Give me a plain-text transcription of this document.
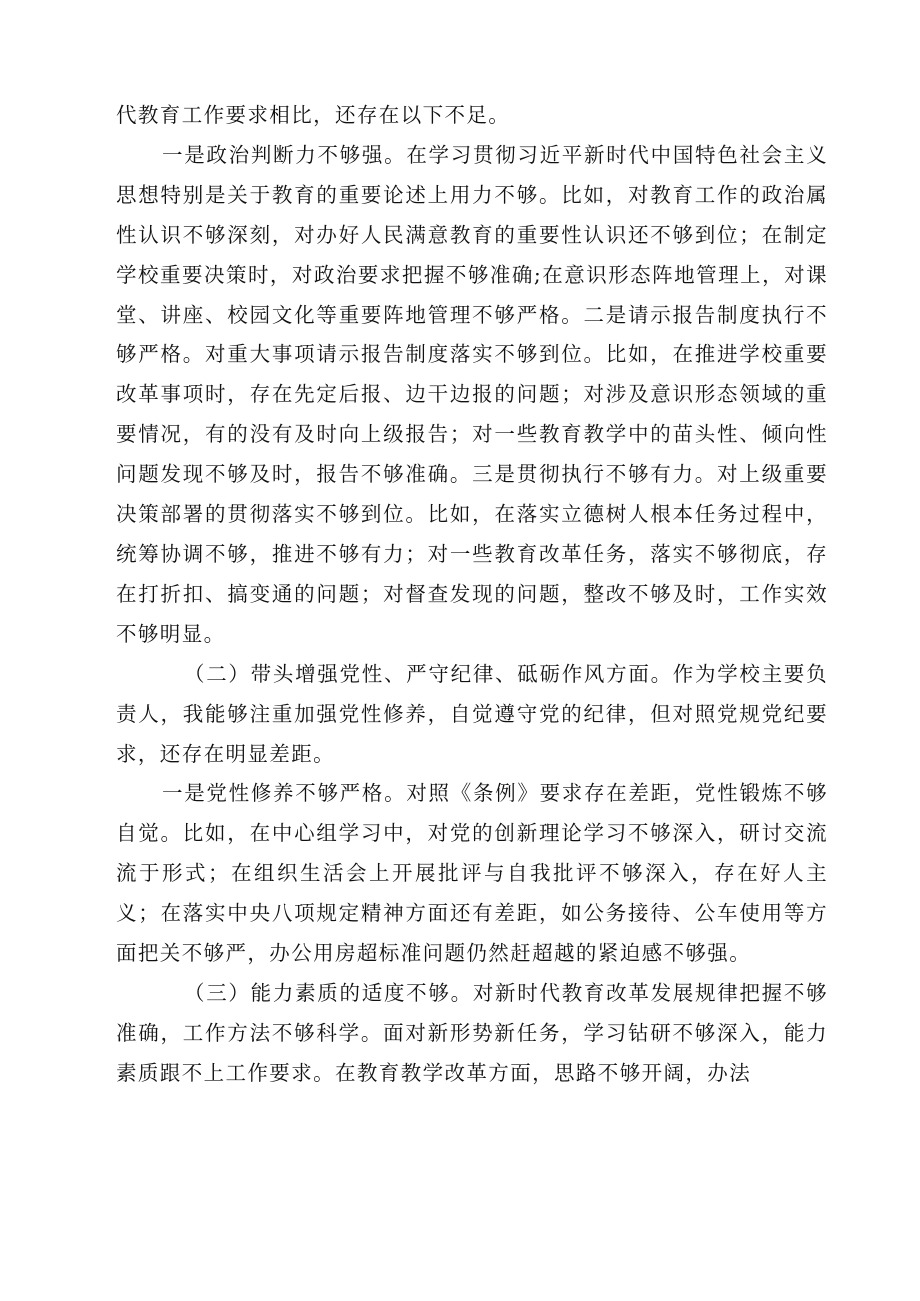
代教育工作要求相比，还存在以下不足。

一是政治判断力不够强。在学习贯彻习近平新时代中国特色社会主义思想特别是关于教育的重要论述上用力不够。比如，对教育工作的政治属性认识不够深刻，对办好人民满意教育的重要性认识还不够到位；在制定学校重要决策时，对政治要求把握不够准确;在意识形态阵地管理上，对课堂、讲座、校园文化等重要阵地管理不够严格。二是请示报告制度执行不够严格。对重大事项请示报告制度落实不够到位。比如，在推进学校重要改革事项时，存在先定后报、边干边报的问题；对涉及意识形态领域的重要情况，有的没有及时向上级报告；对一些教育教学中的苗头性、倾向性问题发现不够及时，报告不够准确。三是贯彻执行不够有力。对上级重要决策部署的贯彻落实不够到位。比如，在落实立德树人根本任务过程中，统筹协调不够，推进不够有力；对一些教育改革任务，落实不够彻底，存在打折扣、搞变通的问题；对督查发现的问题，整改不够及时，工作实效不够明显。

（二）带头增强党性、严守纪律、砥砺作风方面。作为学校主要负责人，我能够注重加强党性修养，自觉遵守党的纪律，但对照党规党纪要求，还存在明显差距。

一是党性修养不够严格。对照《条例》要求存在差距，党性锻炼不够自觉。比如，在中心组学习中，对党的创新理论学习不够深入，研讨交流流于形式；在组织生活会上开展批评与自我批评不够深入，存在好人主义；在落实中央八项规定精神方面还有差距，如公务接待、公车使用等方面把关不够严，办公用房超标准问题仍然赶超越的紧迫感不够强。

（三）能力素质的适度不够。对新时代教育改革发展规律把握不够准确，工作方法不够科学。面对新形势新任务，学习钻研不够深入，能力素质跟不上工作要求。在教育教学改革方面，思路不够开阔，办法
